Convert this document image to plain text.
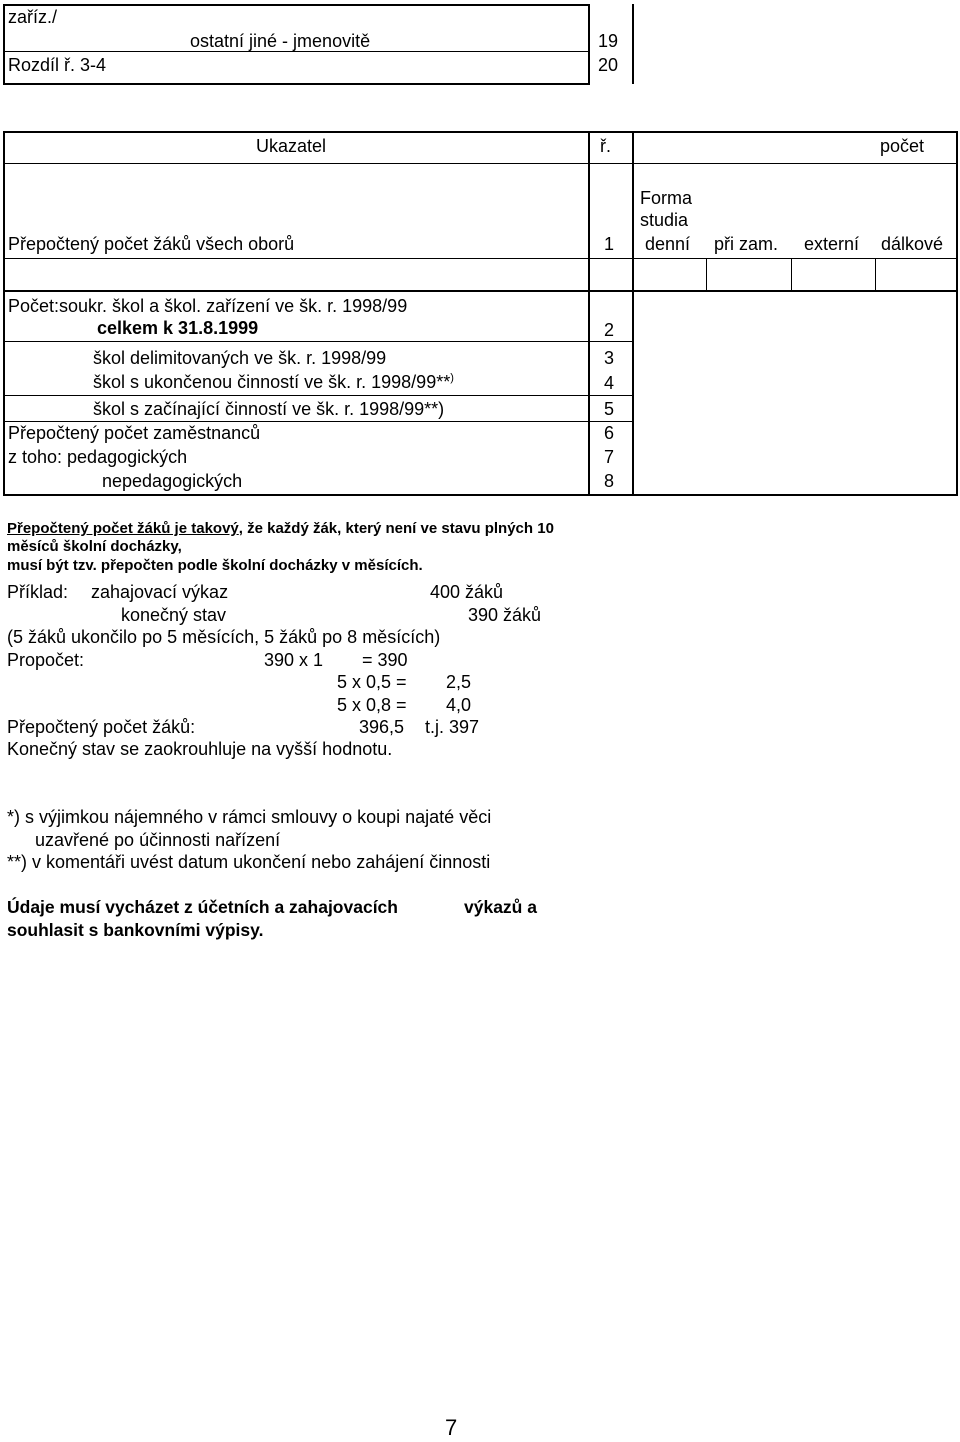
zaříz./
ostatní jiné - jmenovitě	19
Rozdíl ř. 3-4	20
Ukazatel	ř.	počet
Forma
studia
Přepočtený počet žáků všech oborů	1 denní při zam. externí dálkové
Počet:soukr. škol a škol. zařízení ve šk. r. 1998/99
celkem k 31.8.1999	2
škol delimitovaných ve šk. r. 1998/99	3
škol s ukončenou činností ve šk. r. 1998/99**)	4
škol s začínající činností ve šk. r. 1998/99**)	5
Přepočtený počet zaměstnanců	6
z toho: pedagogických	7
nepedagogických	8
Přepočtený počet žáků je takový, že každý žák, který není ve stavu plných 10
měsíců školní docházky,
musí být tzv. přepočten podle školní docházky v měsících.
Příklad: zahajovací výkaz	400 žáků
konečný stav	390 žáků
(5 žáků ukončilo po 5 měsících, 5 žáků po 8 měsících)
Propočet:	390 x 1 = 390
5 x 0,5 = 2,5
5 x 0,8 = 4,0
Přepočtený počet žáků:	396,5 t.j. 397
Konečný stav se zaokrouhluje na vyšší hodnotu.
*) s výjimkou nájemného v rámci smlouvy o koupi najaté věci
uzavřené po účinnosti nařízení
**) v komentáři uvést datum ukončení nebo zahájení činnosti
Údaje musí vycházet z účetních a zahajovacích	výkazů a
souhlasit s bankovními výpisy.
7
